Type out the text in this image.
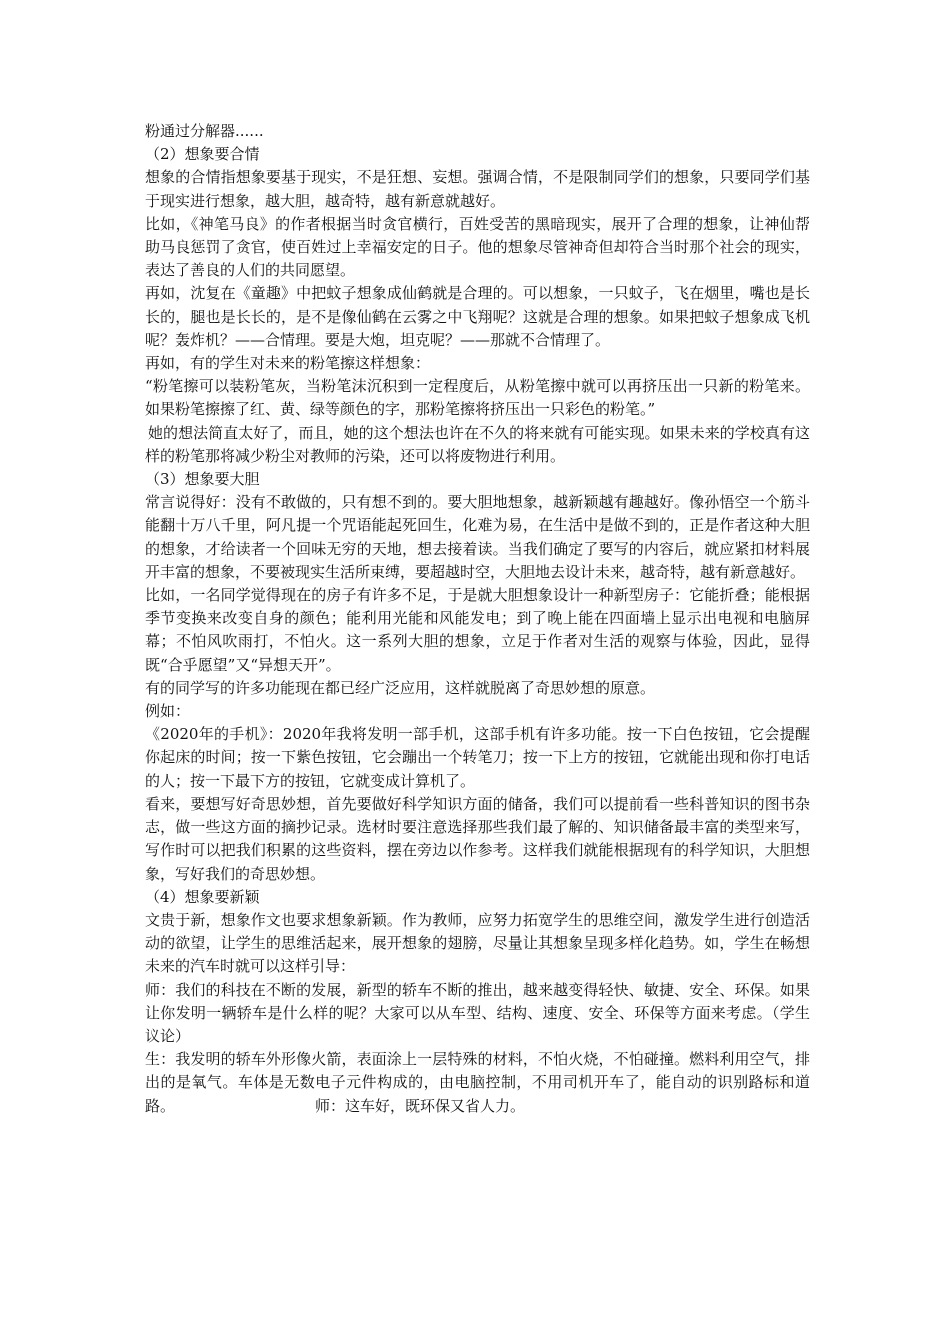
粉通过分解器......

（2）想象要合情

想象的合情指想象要基于现实，不是狂想、妄想。强调合情，不是限制同学们的想象，只要同学们基于现实进行想象，越大胆，越奇特，越有新意就越好。

比如，《神笔马良》的作者根据当时贪官横行，百姓受苦的黑暗现实，展开了合理的想象，让神仙帮助马良惩罚了贪官，使百姓过上幸福安定的日子。他的想象尽管神奇但却符合当时那个社会的现实，表达了善良的人们的共同愿望。

再如，沈复在《童趣》中把蚊子想象成仙鹤就是合理的。可以想象，一只蚊子，飞在烟里，嘴也是长长的，腿也是长长的，是不是像仙鹤在云雾之中飞翔呢？这就是合理的想象。如果把蚊子想象成飞机呢？轰炸机？——合情理。要是大炮，坦克呢？——那就不合情理了。

再如，有的学生对未来的粉笔擦这样想象：

“粉笔擦可以装粉笔灰，当粉笔沫沉积到一定程度后，从粉笔擦中就可以再挤压出一只新的粉笔来。如果粉笔擦擦了红、黄、绿等颜色的字，那粉笔擦将挤压出一只彩色的粉笔。”

她的想法简直太好了，而且，她的这个想法也许在不久的将来就有可能实现。如果未来的学校真有这样的粉笔那将减少粉尘对教师的污染，还可以将废物进行利用。

（3）想象要大胆

常言说得好：没有不敢做的，只有想不到的。要大胆地想象，越新颖越有趣越好。像孙悟空一个筋斗能翻十万八千里，阿凡提一个咒语能起死回生，化难为易，在生活中是做不到的，正是作者这种大胆的想象，才给读者一个回味无穷的天地，想去接着读。当我们确定了要写的内容后，就应紧扣材料展开丰富的想象，不要被现实生活所束缚，要超越时空，大胆地去设计未来，越奇特，越有新意越好。

比如，一名同学觉得现在的房子有许多不足，于是就大胆想象设计一种新型房子：它能折叠；能根据季节变换来改变自身的颜色；能利用光能和风能发电；到了晚上能在四面墙上显示出电视和电脑屏幕；不怕风吹雨打，不怕火。这一系列大胆的想象，立足于作者对生活的观察与体验，因此，显得既“合乎愿望”又“异想天开”。

有的同学写的许多功能现在都已经广泛应用，这样就脱离了奇思妙想的原意。

例如：

《2020年的手机》：2020年我将发明一部手机，这部手机有许多功能。按一下白色按钮，它会提醒你起床的时间；按一下紫色按钮，它会蹦出一个转笔刀；按一下上方的按钮，它就能出现和你打电话的人；按一下最下方的按钮，它就变成计算机了。

看来，要想写好奇思妙想，首先要做好科学知识方面的储备，我们可以提前看一些科普知识的图书杂志，做一些这方面的摘抄记录。选材时要注意选择那些我们最了解的、知识储备最丰富的类型来写，写作时可以把我们积累的这些资料，摆在旁边以作参考。这样我们就能根据现有的科学知识，大胆想象，写好我们的奇思妙想。

（4）想象要新颖

文贵于新，想象作文也要求想象新颖。作为教师，应努力拓宽学生的思维空间，激发学生进行创造活动的欲望，让学生的思维活起来，展开想象的翅膀，尽量让其想象呈现多样化趋势。如，学生在畅想未来的汽车时就可以这样引导：

师：我们的科技在不断的发展，新型的轿车不断的推出，越来越变得轻快、敏捷、安全、环保。如果让你发明一辆轿车是什么样的呢？大家可以从车型、结构、速度、安全、环保等方面来考虑。（学生议论）

生：我发明的轿车外形像火箭，表面涂上一层特殊的材料，不怕火烧，不怕碰撞。燃料利用空气，排出的是氧气。车体是无数电子元件构成的，由电脑控制，不用司机开车了，能自动的识别路标和道路。	师：这车好，既环保又省人力。
